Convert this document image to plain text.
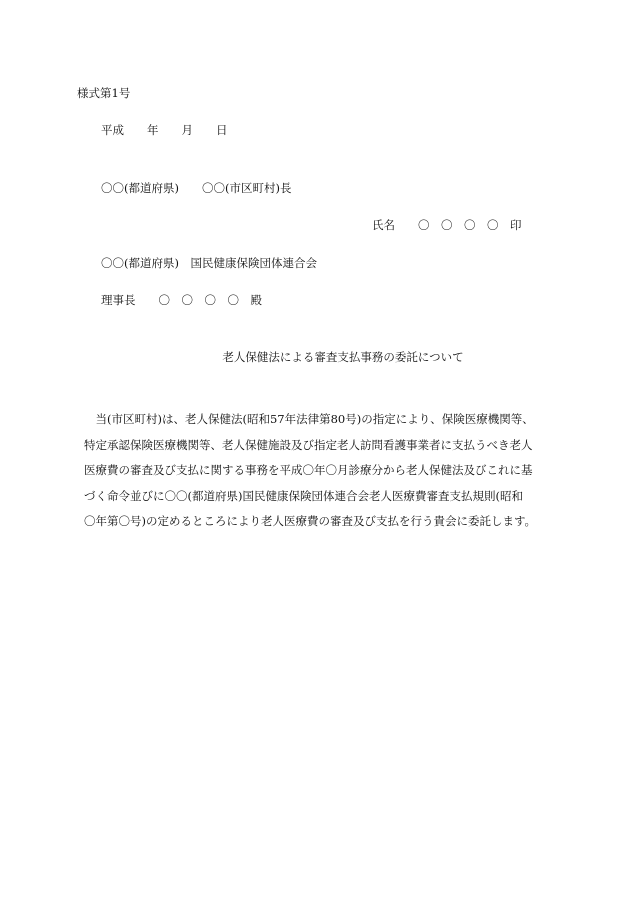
様式第1号
平成　　年　　月　　日
〇〇(都道府県)　　〇〇(市区町村)長
氏名　　〇　〇　〇　〇　印
〇〇(都道府県)　国民健康保険団体連合会
理事長　　〇　〇　〇　〇　殿
老人保健法による審査支払事務の委託について
　当(市区町村)は、老人保健法(昭和57年法律第80号)の指定により、保険医療機関等、
特定承認保険医療機関等、老人保健施設及び指定老人訪問看護事業者に支払うべき老人
医療費の審査及び支払に関する事務を平成〇年〇月診療分から老人保健法及びこれに基
づく命令並びに〇〇(都道府県)国民健康保険団体連合会老人医療費審査支払規則(昭和
〇年第〇号)の定めるところにより老人医療費の審査及び支払を行う貴会に委託します。
